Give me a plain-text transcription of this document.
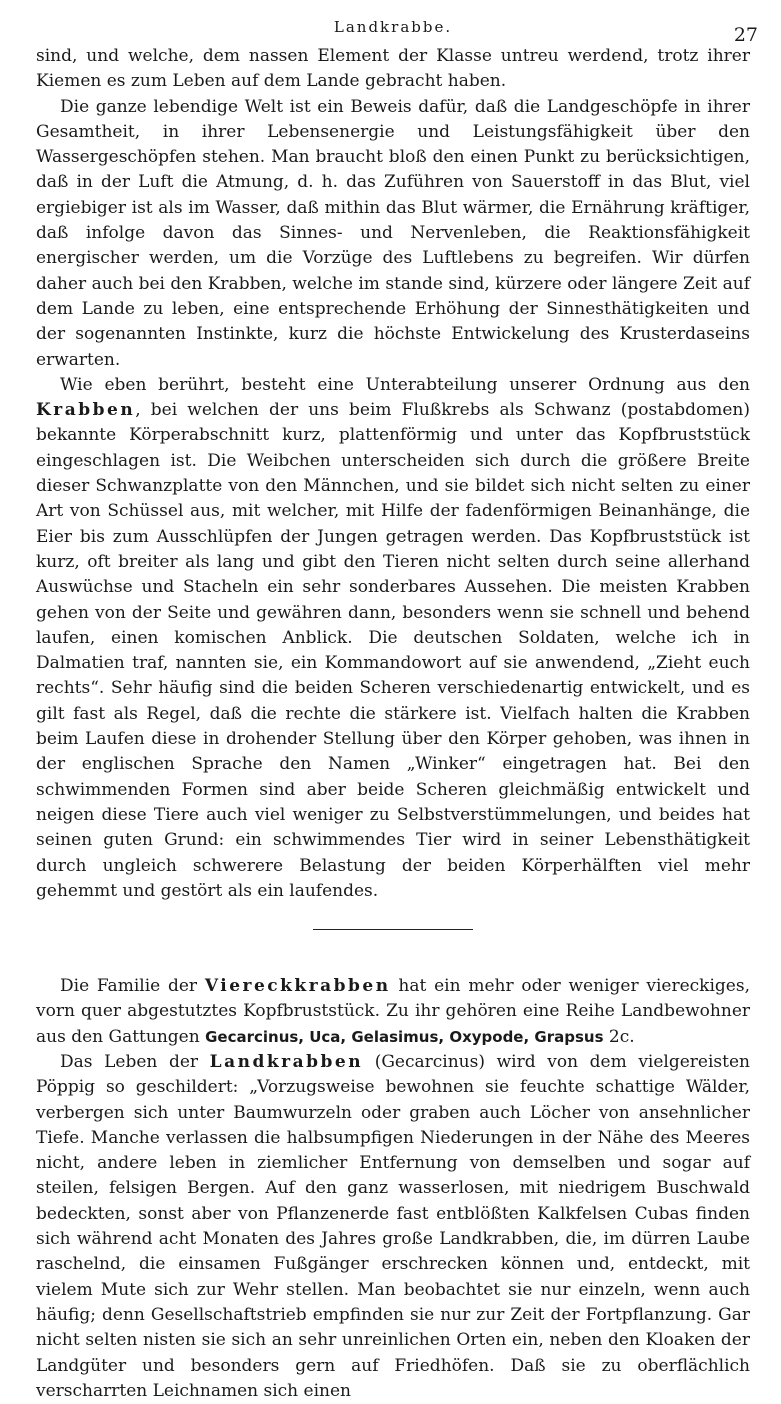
Landkrabbe.	27

sind, und welche, dem nassen Element der Klasse untreu werdend, trotz ihrer Kiemen es zum Leben auf dem Lande gebracht haben.

Die ganze lebendige Welt ist ein Beweis dafür, daß die Landgeschöpfe in ihrer Gesamtheit, in ihrer Lebensenergie und Leistungsfähigkeit über den Wassergeschöpfen stehen. Man braucht bloß den einen Punkt zu berücksichtigen, daß in der Luft die Atmung, d. h. das Zuführen von Sauerstoff in das Blut, viel ergiebiger ist als im Wasser, daß mithin das Blut wärmer, die Ernährung kräftiger, daß infolge davon das Sinnes- und Nervenleben, die Reaktionsfähigkeit energischer werden, um die Vorzüge des Luftlebens zu begreifen. Wir dürfen daher auch bei den Krabben, welche im stande sind, kürzere oder längere Zeit auf dem Lande zu leben, eine entsprechende Erhöhung der Sinnesthätigkeiten und der sogenannten Instinkte, kurz die höchste Entwickelung des Krusterdaseins erwarten.

Wie eben berührt, besteht eine Unterabteilung unserer Ordnung aus den Krabben, bei welchen der uns beim Flußkrebs als Schwanz (postabdomen) bekannte Körperabschnitt kurz, plattenförmig und unter das Kopfbruststück eingeschlagen ist. Die Weibchen unterscheiden sich durch die größere Breite dieser Schwanzplatte von den Männchen, und sie bildet sich nicht selten zu einer Art von Schüssel aus, mit welcher, mit Hilfe der fadenförmigen Beinanhänge, die Eier bis zum Ausschlüpfen der Jungen getragen werden. Das Kopfbruststück ist kurz, oft breiter als lang und gibt den Tieren nicht selten durch seine allerhand Auswüchse und Stacheln ein sehr sonderbares Aussehen. Die meisten Krabben gehen von der Seite und gewähren dann, besonders wenn sie schnell und behend laufen, einen komischen Anblick. Die deutschen Soldaten, welche ich in Dalmatien traf, nannten sie, ein Kommandowort auf sie anwendend, „Zieht euch rechts“. Sehr häufig sind die beiden Scheren verschiedenartig entwickelt, und es gilt fast als Regel, daß die rechte die stärkere ist. Vielfach halten die Krabben beim Laufen diese in drohender Stellung über den Körper gehoben, was ihnen in der englischen Sprache den Namen „Winker“ eingetragen hat. Bei den schwimmenden Formen sind aber beide Scheren gleichmäßig entwickelt und neigen diese Tiere auch viel weniger zu Selbstverstümmelungen, und beides hat seinen guten Grund: ein schwimmendes Tier wird in seiner Lebensthätigkeit durch ungleich schwerere Belastung der beiden Körperhälften viel mehr gehemmt und gestört als ein laufendes.

Die Familie der Viereckkrabben hat ein mehr oder weniger viereckiges, vorn quer abgestutztes Kopfbruststück. Zu ihr gehören eine Reihe Landbewohner aus den Gattungen Gecarcinus, Uca, Gelasimus, Oxypode, Grapsus 2c.

Das Leben der Landkrabben (Gecarcinus) wird von dem vielgereisten Pöppig so geschildert: „Vorzugsweise bewohnen sie feuchte schattige Wälder, verbergen sich unter Baumwurzeln oder graben auch Löcher von ansehnlicher Tiefe. Manche verlassen die halbsumpfigen Niederungen in der Nähe des Meeres nicht, andere leben in ziemlicher Entfernung von demselben und sogar auf steilen, felsigen Bergen. Auf den ganz wasserlosen, mit niedrigem Buschwald bedeckten, sonst aber von Pflanzenerde fast entblößten Kalkfelsen Cubas finden sich während acht Monaten des Jahres große Landkrabben, die, im dürren Laube raschelnd, die einsamen Fußgänger erschrecken können und, entdeckt, mit vielem Mute sich zur Wehr stellen. Man beobachtet sie nur einzeln, wenn auch häufig; denn Gesellschaftstrieb empfinden sie nur zur Zeit der Fortpflanzung. Gar nicht selten nisten sie sich an sehr unreinlichen Orten ein, neben den Kloaken der Landgüter und besonders gern auf Friedhöfen. Daß sie zu oberflächlich verscharrten Leichnamen sich einen
